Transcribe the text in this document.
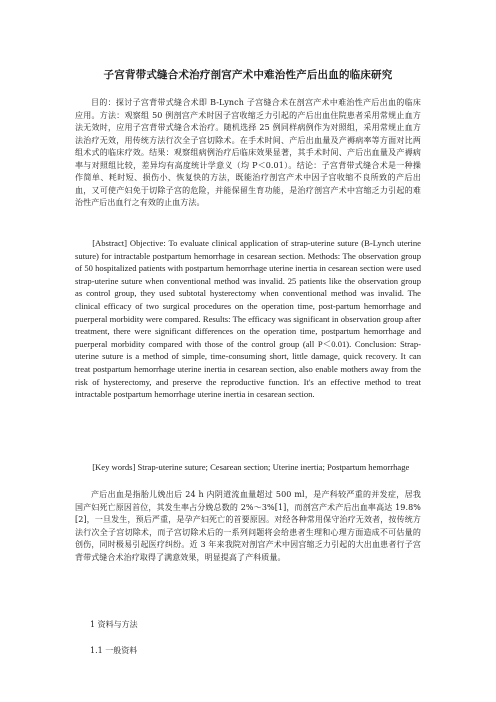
子宫背带式缝合术治疗剖宫产术中难治性产后出血的临床研究

目的：探讨子宫背带式缝合术即 B-Lynch 子宫缝合术在剖宫产术中难治性产后出血的临床应用。方法：观察组 50 例剖宫产术时因子宫收缩乏力引起的产后出血住院患者采用常规止血方法无效时，应用子宫背带式缝合术治疗。随机选择 25 例同样病例作为对照组，采用常规止血方法治疗无效，用传统方法行次全子宫切除术。在手术时间、产后出血量及产褥病率等方面对比两组术式的临床疗效。结果：观察组病例治疗后临床效果显著，其手术时间、产后出血量及产褥病率与对照组比较，差异均有高度统计学意义（均 P＜0.01）。结论：子宫背带式缝合术是一种操作简单、耗时短、损伤小、恢复快的方法，既能治疗剖宫产术中因子宫收缩不良所致的产后出血，又可使产妇免于切除子宫的危险，并能保留生育功能，是治疗剖宫产术中宫缩乏力引起的难治性产后出血行之有效的止血方法。

[Abstract] Objective: To evaluate clinical application of strap-uterine suture (B-Lynch uterine suture) for intractable postpartum hemorrhage in cesarean section. Methods: The observation group of 50 hospitalized patients with postpartum hemorrhage uterine inertia in cesarean section were used strap-uterine suture when conventional method was invalid. 25 patients like the observation group as control group, they used subtotal hysterectomy when conventional method was invalid. The clinical efficacy of two surgical procedures on the operation time, post-partum hemorrhage and puerperal morbidity were compared. Results: The efficacy was significant in observation group after treatment, there were significant differences on the operation time, postpartum hemorrhage and puerperal morbidity compared with those of the control group (all P＜0.01). Conclusion: Strap-uterine suture is a method of simple, time-consuming short, little damage, quick recovery. It can treat postpartum hemorrhage uterine inertia in cesarean section, also enable mothers away from the risk of hysterectomy, and preserve the reproductive function. It's an effective method to treat intractable postpartum hemorrhage uterine inertia in cesarean section.

[Key words] Strap-uterine suture; Cesarean section; Uterine inertia; Postpartum hemorrhage

产后出血是指胎儿娩出后 24 h 内阴道流血量超过 500 ml，是产科较严重的并发症，居我国产妇死亡原因首位，其发生率占分娩总数的 2%～3%[1]，而剖宫产术产后出血率高达 19.8%[2]，一旦发生，预后严重，是孕产妇死亡的首要原因。对经各种常用保守治疗无效者，按传统方法行次全子宫切除术，而子宫切除术后的一系列问题将会给患者生理和心理方面造成不可估量的创伤，同时极易引起医疗纠纷。近 3 年来我院对剖宫产术中因宫缩乏力引起的大出血患者行子宫背带式缝合术治疗取得了满意效果，明显提高了产科质量。

1 资料与方法

1.1 一般资料
